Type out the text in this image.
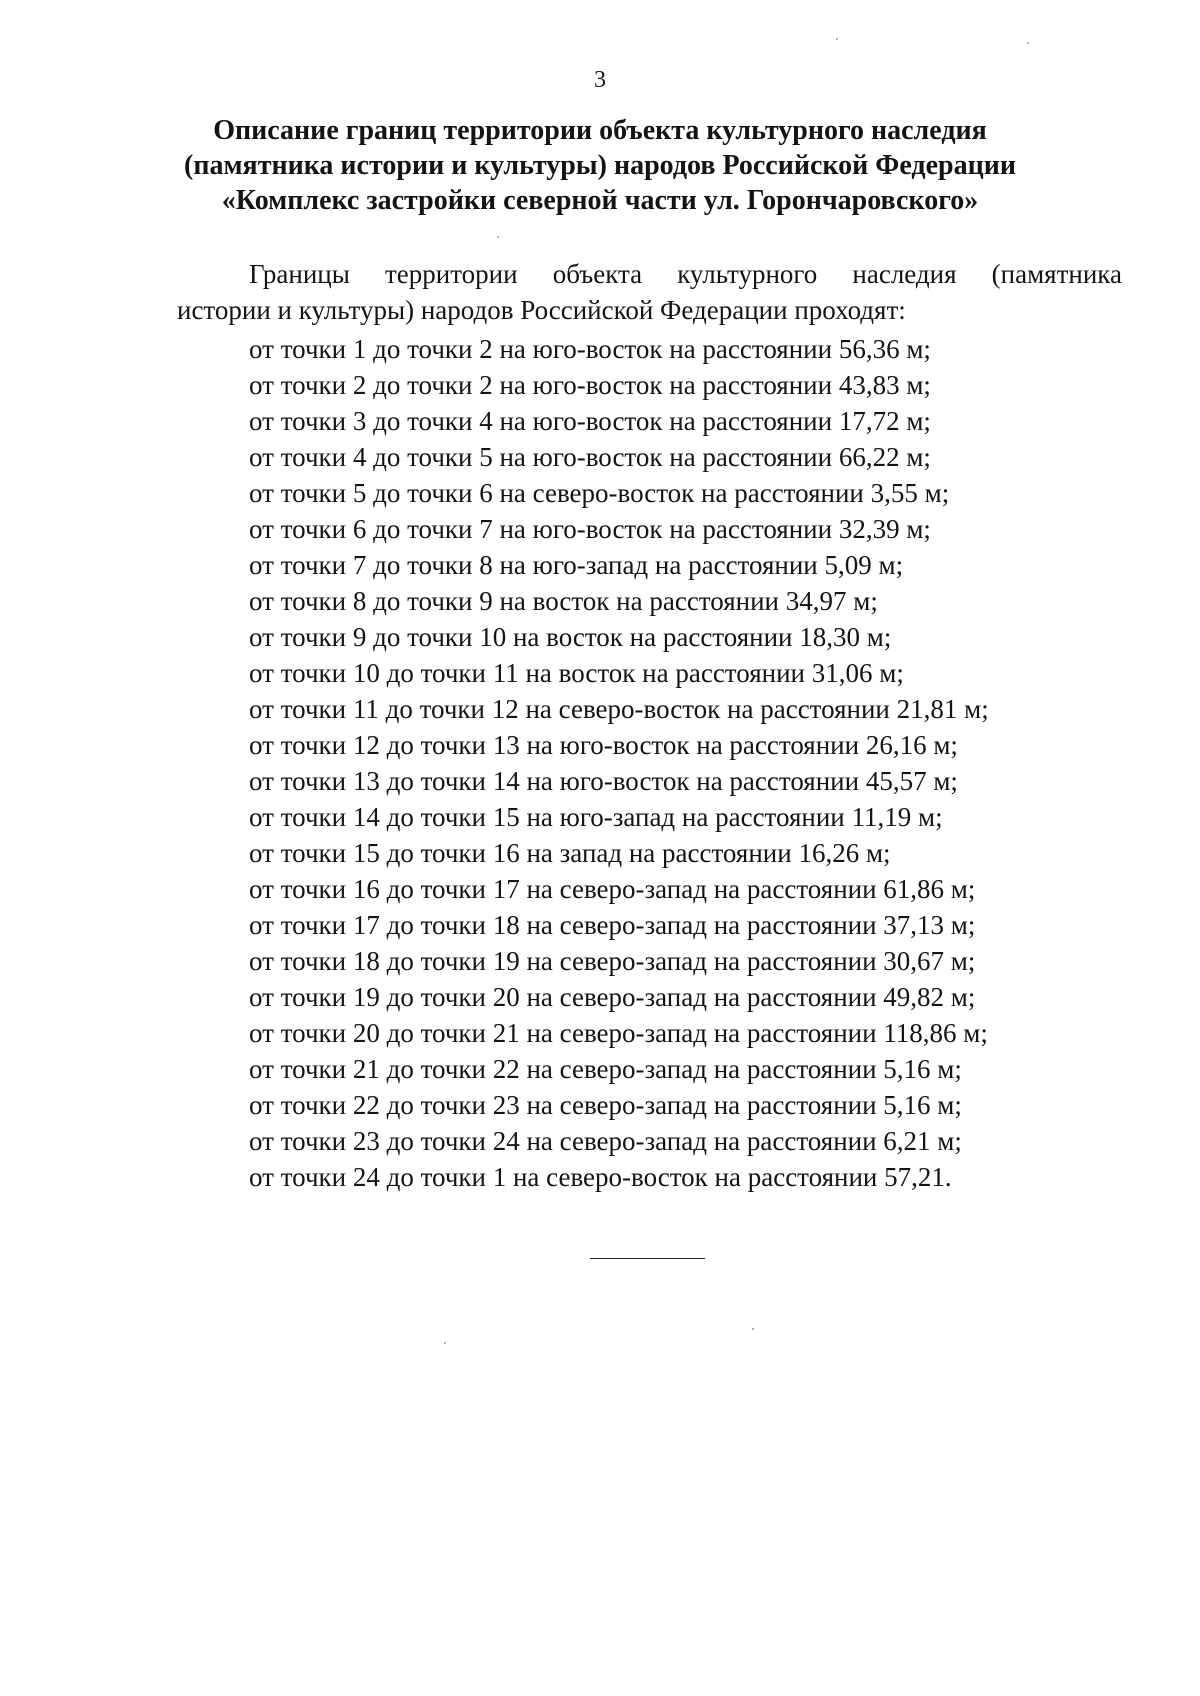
3
Описание границ территории объекта культурного наследия
(памятника истории и культуры) народов Российской Федерации
«Комплекс застройки северной части ул. Горончаровского»
Границы территории объекта культурного наследия (памятника
истории и культуры) народов Российской Федерации проходят:
от точки 1 до точки 2 на юго-восток на расстоянии 56,36 м;
от точки 2 до точки 2 на юго-восток на расстоянии 43,83 м;
от точки 3 до точки 4 на юго-восток на расстоянии 17,72 м;
от точки 4 до точки 5 на юго-восток на расстоянии 66,22 м;
от точки 5 до точки 6 на северо-восток на расстоянии 3,55 м;
от точки 6 до точки 7 на юго-восток на расстоянии 32,39 м;
от точки 7 до точки 8 на юго-запад на расстоянии 5,09 м;
от точки 8 до точки 9 на восток на расстоянии 34,97 м;
от точки 9 до точки 10 на восток на расстоянии 18,30 м;
от точки 10 до точки 11 на восток на расстоянии 31,06 м;
от точки 11 до точки 12 на северо-восток на расстоянии 21,81 м;
от точки 12 до точки 13 на юго-восток на расстоянии 26,16 м;
от точки 13 до точки 14 на юго-восток на расстоянии 45,57 м;
от точки 14 до точки 15 на юго-запад на расстоянии 11,19 м;
от точки 15 до точки 16 на запад на расстоянии 16,26 м;
от точки 16 до точки 17 на северо-запад на расстоянии 61,86 м;
от точки 17 до точки 18 на северо-запад на расстоянии 37,13 м;
от точки 18 до точки 19 на северо-запад на расстоянии 30,67 м;
от точки 19 до точки 20 на северо-запад на расстоянии 49,82 м;
от точки 20 до точки 21 на северо-запад на расстоянии 118,86 м;
от точки 21 до точки 22 на северо-запад на расстоянии 5,16 м;
от точки 22 до точки 23 на северо-запад на расстоянии 5,16 м;
от точки 23 до точки 24 на северо-запад на расстоянии 6,21 м;
от точки 24 до точки 1 на северо-восток на расстоянии 57,21.
